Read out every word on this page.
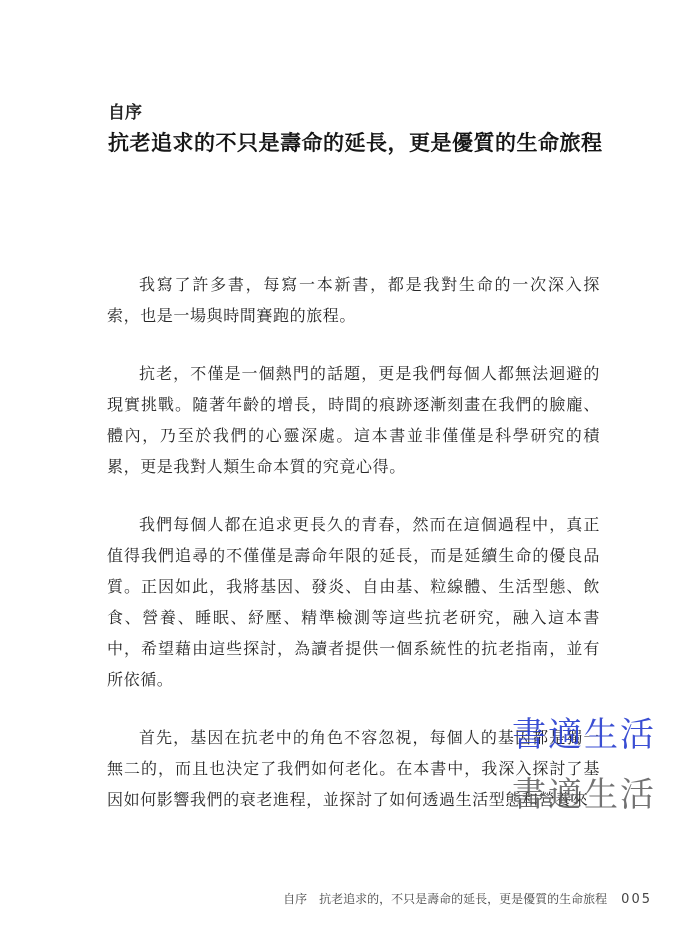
自序
抗老追求的不只是壽命的延長，更是優質的生命旅程

我寫了許多書，每寫一本新書，都是我對生命的一次深入探索，也是一場與時間賽跑的旅程。

抗老，不僅是一個熱門的話題，更是我們每個人都無法迴避的現實挑戰。隨著年齡的增長，時間的痕跡逐漸刻畫在我們的臉龐、體內，乃至於我們的心靈深處。這本書並非僅僅是科學研究的積累，更是我對人類生命本質的究竟心得。

我們每個人都在追求更長久的青春，然而在這個過程中，真正值得我們追尋的不僅僅是壽命年限的延長，而是延續生命的優良品質。正因如此，我將基因、發炎、自由基、粒線體、生活型態、飲食、營養、睡眠、紓壓、精準檢測等這些抗老研究，融入這本書中，希望藉由這些探討，為讀者提供一個系統性的抗老指南，並有所依循。

首先，基因在抗老中的角色不容忽視，每個人的基因都是獨一無二的，而且也決定了我們如何老化。在本書中，我深入探討了基因如何影響我們的衰老進程，並探討了如何透過生活型態和營養來

書適生活
書適生活
自序　抗老追求的，不只是壽命的延長，更是優質的生命旅程 005
